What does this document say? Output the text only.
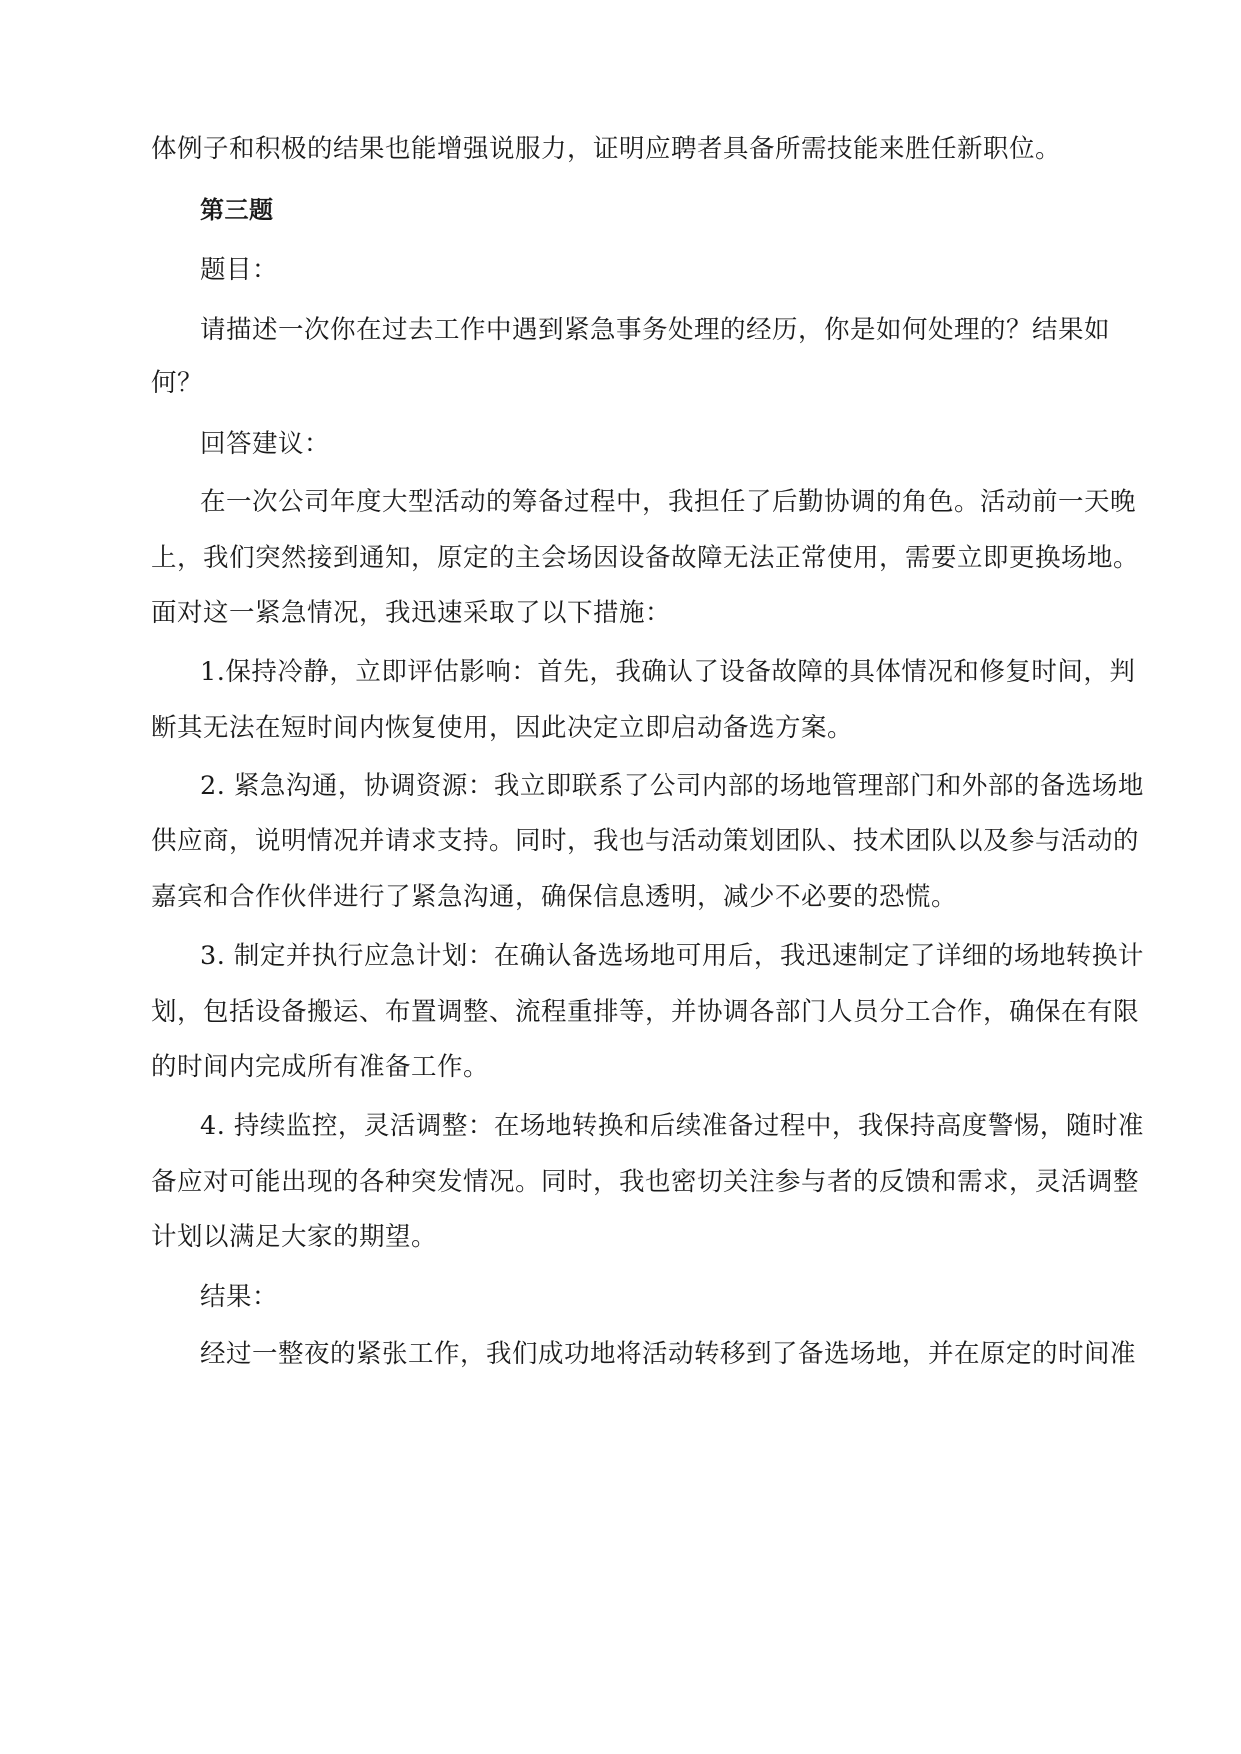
体例子和积极的结果也能增强说服力，证明应聘者具备所需技能来胜任新职位。
第三题
题目：
请描述一次你在过去工作中遇到紧急事务处理的经历，你是如何处理的？结果如
何？
回答建议：
在一次公司年度大型活动的筹备过程中，我担任了后勤协调的角色。活动前一天晚
上，我们突然接到通知，原定的主会场因设备故障无法正常使用，需要立即更换场地。
面对这一紧急情况，我迅速采取了以下措施：
1.保持冷静，立即评估影响：首先，我确认了设备故障的具体情况和修复时间，判
断其无法在短时间内恢复使用，因此决定立即启动备选方案。
2. 紧急沟通，协调资源：我立即联系了公司内部的场地管理部门和外部的备选场地
供应商，说明情况并请求支持。同时，我也与活动策划团队、技术团队以及参与活动的
嘉宾和合作伙伴进行了紧急沟通，确保信息透明，减少不必要的恐慌。
3. 制定并执行应急计划：在确认备选场地可用后，我迅速制定了详细的场地转换计
划，包括设备搬运、布置调整、流程重排等，并协调各部门人员分工合作，确保在有限
的时间内完成所有准备工作。
4. 持续监控，灵活调整：在场地转换和后续准备过程中，我保持高度警惕，随时准
备应对可能出现的各种突发情况。同时，我也密切关注参与者的反馈和需求，灵活调整
计划以满足大家的期望。
结果：
经过一整夜的紧张工作，我们成功地将活动转移到了备选场地，并在原定的时间准
